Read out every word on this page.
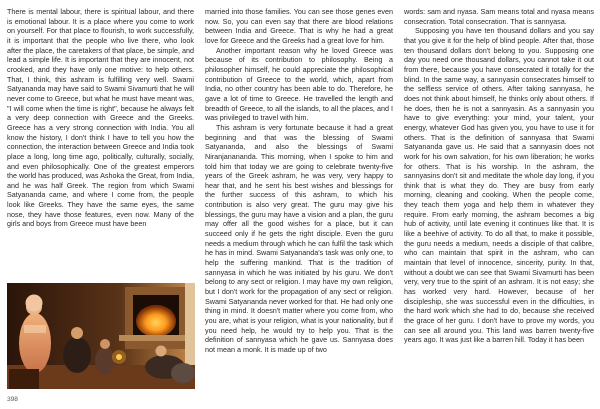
There is mental labour, there is spiritual labour, and there is emotional labour. It is a place where you come to work on yourself. For that place to flourish, to work successfully, it is important that the people who live there, who look after the place, the caretakers of that place, be simple, and lead a simple life. It is important that they are innocent, not crooked, and they have only one motive: to help others. That, I think, this ashram is fulfilling very well. Swami Satyananda may have said to Swami Sivamurti that he will never come to Greece, but what he must have meant was, "I will come when the time is right", because he always felt a very deep connection with Greece and the Greeks. Greece has a very strong connection with India. You all know the history, I don't think I have to tell you how the connection, the interaction between Greece and India took place a long, long time ago, politically, culturally, socially, and even philosophically. One of the greatest emperors the world has produced, was Ashoka the Great, from India, and he was half Greek. The region from which Swami Satyananda came, and where I come from, the people look like Greeks. They have the same eyes, the same nose, they have those features, even now. Many of the girls and boys from Greece must have been

398

married into those families. You can see those genes even now. So, you can even say that there are blood relations between India and Greece. That is why he had a great love for Greece and the Greeks had a great love for him.

Another important reason why he loved Greece was because of its contribution to philosophy. Being a philosopher himself, he could appreciate the philosophical contribution of Greece to the world, which, apart from India, no other country has been able to do. Therefore, he gave a lot of time to Greece. He travelled the length and breadth of Greece, to all the islands, to all the places, and I was privileged to travel with him.

This ashram is very fortunate because it had a great beginning and that was the blessing of Swami Satyananda, and also the blessings of Swami Niranjanananda. This morning, when I spoke to him and told him that today we are going to celebrate twenty-five years of the Greek ashram, he was very, very happy to hear that, and he sent his best wishes and blessings for the further success of this ashram, to which his contribution is also very great. The guru may give his blessings, the guru may have a vision and a plan, the guru may offer all the good wishes for a place, but it can succeed only if he gets the right disciple. Even the guru needs a medium through which he can fulfil the task which he has in mind. Swami Satyananda's task was only one, to help the suffering mankind. That is the tradition of sannyasa in which he was initiated by his guru. We don't belong to any sect or religion. I may have my own religion, but I don't work for the propagation of any sect or religion. Swami Satyananda never worked for that. He had only one thing in mind. It doesn't matter where you come from, who you are, what is your religion, what is your nationality, but if you need help, he would try to help you. That is the definition of sannyasa which he gave us. Sannyasa does not mean a monk. It is made up of two

words: sam and nyasa. Sam means total and nyasa means consecration. Total consecration. That is sannyasa.

Supposing you have ten thousand dollars and you say that you give it for the help of blind people. After that, those ten thousand dollars don't belong to you. Supposing one day you need one thousand dollars, you cannot take it out from there, because you have consecrated it totally for the blind. In the same way, a sannyasin consecrates himself to the selfless service of others. After taking sannyasa, he does not think about himself, he thinks only about others. If he does, then he is not a sannyasin. As a sannyasin you have to give everything: your mind, your talent, your energy, whatever God has given you, you have to use it for others. That is the definition of sannyasa that Swami Satyananda gave us. He said that a sannyasin does not work for his own salvation, for his own liberation; he works for others. That is his worship. In the ashram, the sannyasins don't sit and meditate the whole day long, if you think that is what they do. They are busy from early morning, cleaning and cooking. When the people come, they teach them yoga and help them in whatever they require. From early morning, the ashram becomes a big hub of activity, until late evening it continues like that. It is like a beehive of activity. To do all that, to make it possible, the guru needs a medium, needs a disciple of that calibre, who can maintain that spirit in the ashram, who can maintain that level of innocence, sincerity, purity. In that, without a doubt we can see that Swami Sivamurti has been very, very true to the spirit of an ashram. It is not easy; she has worked very hard. However, because of her discipleship, she was successful even in the difficulties, in the hard work which she had to do, because she received the grace of her guru. I don't have to prove my words, you can see all around you. This land was barren twenty-five years ago. It was just like a barren hill. Today it has been
